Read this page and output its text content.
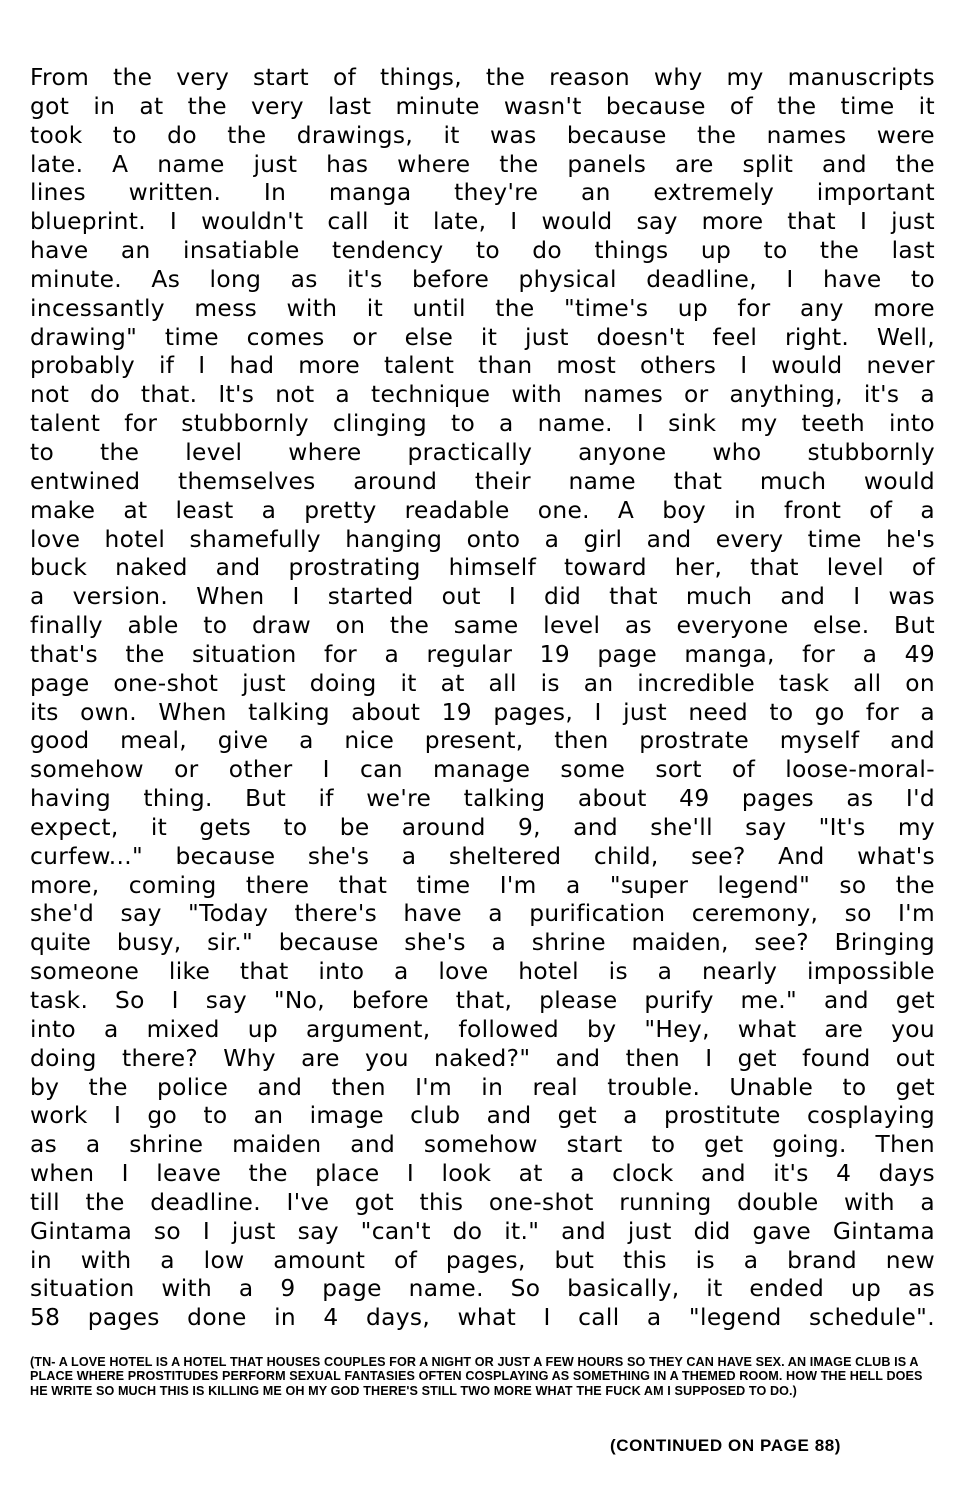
From the very start of things, the reason why my manuscripts
got in at the very last minute wasn't because of the time it
took to do the drawings, it was because the names were
late. A name just has where the panels are split and the
lines written. In manga they're an extremely important
blueprint. I wouldn't call it late, I would say more that I just
have an insatiable tendency to do things up to the last
minute. As long as it's before physical deadline, I have to
incessantly mess with it until the "time's up for any more
drawing" time comes or else it just doesn't feel right. Well,
probably if I had more talent than most others I would never
not do that. It's not a technique with names or anything, it's a
talent for stubbornly clinging to a name. I sink my teeth into
to the level where practically anyone who stubbornly
entwined themselves around their name that much would
make at least a pretty readable one. A boy in front of a
love hotel shamefully hanging onto a girl and every time he's
buck naked and prostrating himself toward her, that level of
a version. When I started out I did that much and I was
finally able to draw on the same level as everyone else. But
that's the situation for a regular 19 page manga, for a 49
page one-shot just doing it at all is an incredible task all on
its own. When talking about 19 pages, I just need to go for a
good meal, give a nice present, then prostrate myself and
somehow or other I can manage some sort of loose-moral-
having thing. But if we're talking about 49 pages as I'd
expect, it gets to be around 9, and she'll say "It's my
curfew..." because she's a sheltered child, see? And what's
more, coming there that time I'm a "super legend" so the
she'd say "Today there's have a purification ceremony, so I'm
quite busy, sir." because she's a shrine maiden, see? Bringing
someone like that into a love hotel is a nearly impossible
task. So I say "No, before that, please purify me." and get
into a mixed up argument, followed by "Hey, what are you
doing there? Why are you naked?" and then I get found out
by the police and then I'm in real trouble. Unable to get
work I go to an image club and get a prostitute cosplaying
as a shrine maiden and somehow start to get going. Then
when I leave the place I look at a clock and it's 4 days
till the deadline. I've got this one-shot running double with a
Gintama so I just say "can't do it." and just did gave Gintama
in with a low amount of pages, but this is a brand new
situation with a 9 page name. So basically, it ended up as
58 pages done in 4 days, what I call a "legend schedule".

(TN- A LOVE HOTEL IS A HOTEL THAT HOUSES COUPLES FOR A NIGHT OR JUST A FEW HOURS SO THEY CAN HAVE SEX. AN IMAGE CLUB IS A PLACE WHERE PROSTITUDES PERFORM SEXUAL FANTASIES OFTEN COSPLAYING AS SOMETHING IN A THEMED ROOM. HOW THE HELL DOES HE WRITE SO MUCH THIS IS KILLING ME OH MY GOD THERE'S STILL TWO MORE WHAT THE FUCK AM I SUPPOSED TO DO.)

(CONTINUED ON PAGE 88)
